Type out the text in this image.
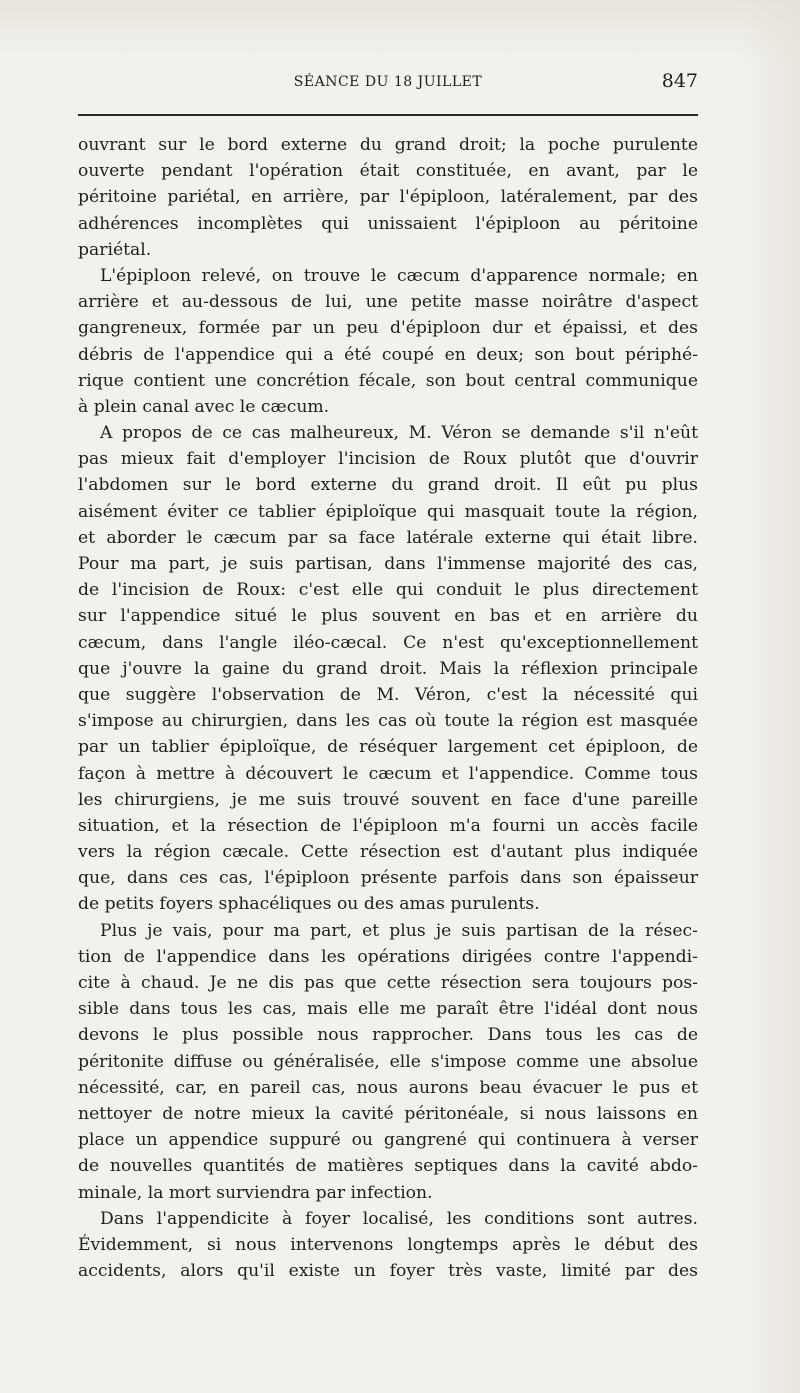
SÉANCE DU 18 JUILLET	847
ouvrant sur le bord externe du grand droit; la poche purulente
ouverte pendant l'opération était constituée, en avant, par le
péritoine pariétal, en arrière, par l'épiploon, latéralement, par des
adhérences incomplètes qui unissaient l'épiploon au péritoine
pariétal.
L'épiploon relevé, on trouve le cæcum d'apparence normale; en
arrière et au-dessous de lui, une petite masse noirâtre d'aspect
gangreneux, formée par un peu d'épiploon dur et épaissi, et des
débris de l'appendice qui a été coupé en deux; son bout périphé-
rique contient une concrétion fécale, son bout central communique
à plein canal avec le cæcum.
A propos de ce cas malheureux, M. Véron se demande s'il n'eût
pas mieux fait d'employer l'incision de Roux plutôt que d'ouvrir
l'abdomen sur le bord externe du grand droit. Il eût pu plus
aisément éviter ce tablier épiploïque qui masquait toute la région,
et aborder le cæcum par sa face latérale externe qui était libre.
Pour ma part, je suis partisan, dans l'immense majorité des cas,
de l'incision de Roux: c'est elle qui conduit le plus directement
sur l'appendice situé le plus souvent en bas et en arrière du
cæcum, dans l'angle iléo-cæcal. Ce n'est qu'exceptionnellement
que j'ouvre la gaine du grand droit. Mais la réflexion principale
que suggère l'observation de M. Véron, c'est la nécessité qui
s'impose au chirurgien, dans les cas où toute la région est masquée
par un tablier épiploïque, de réséquer largement cet épiploon, de
façon à mettre à découvert le cæcum et l'appendice. Comme tous
les chirurgiens, je me suis trouvé souvent en face d'une pareille
situation, et la résection de l'épiploon m'a fourni un accès facile
vers la région cæcale. Cette résection est d'autant plus indiquée
que, dans ces cas, l'épiploon présente parfois dans son épaisseur
de petits foyers sphacéliques ou des amas purulents.
Plus je vais, pour ma part, et plus je suis partisan de la résec-
tion de l'appendice dans les opérations dirigées contre l'appendi-
cite à chaud. Je ne dis pas que cette résection sera toujours pos-
sible dans tous les cas, mais elle me paraît être l'idéal dont nous
devons le plus possible nous rapprocher. Dans tous les cas de
péritonite diffuse ou généralisée, elle s'impose comme une absolue
nécessité, car, en pareil cas, nous aurons beau évacuer le pus et
nettoyer de notre mieux la cavité péritonéale, si nous laissons en
place un appendice suppuré ou gangrené qui continuera à verser
de nouvelles quantités de matières septiques dans la cavité abdo-
minale, la mort surviendra par infection.
Dans l'appendicite à foyer localisé, les conditions sont autres.
Évidemment, si nous intervenons longtemps après le début des
accidents, alors qu'il existe un foyer très vaste, limité par des
